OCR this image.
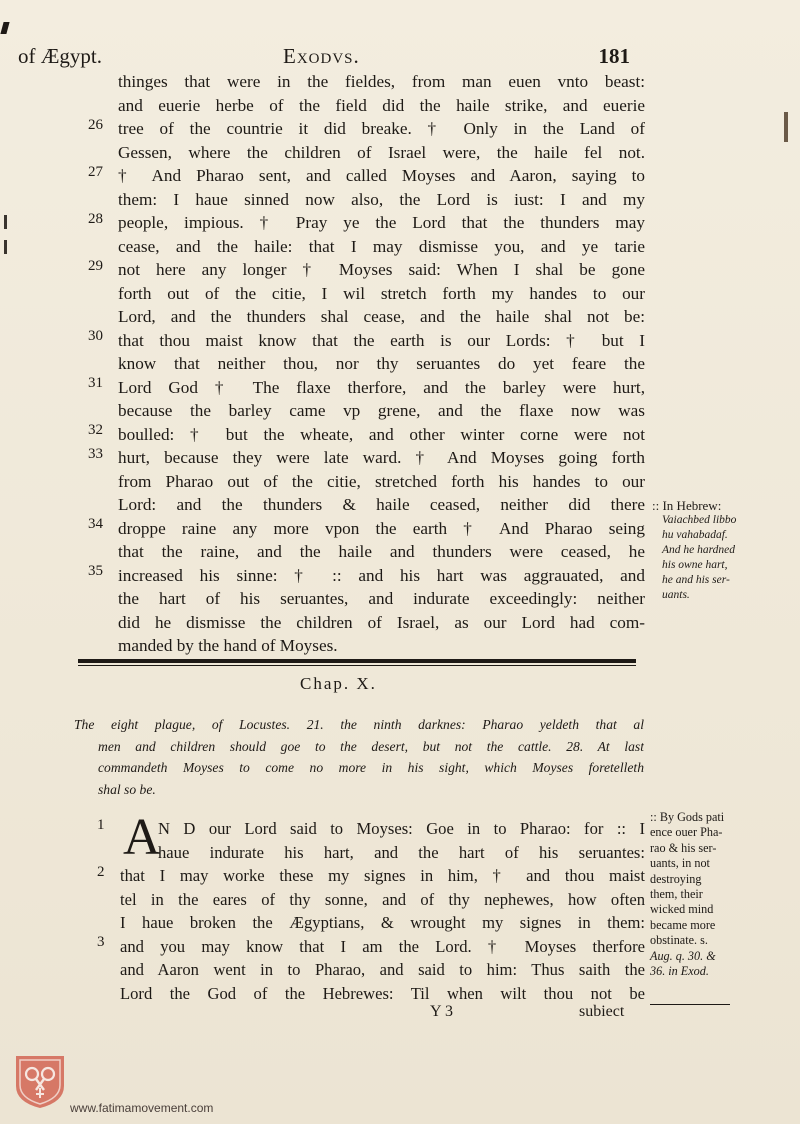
of Ægypt.	Exodvs.	181
thinges that were in the fieldes, from man euen vnto beast:
and euerie herbe of the field did the haile strike, and euerie
tree of the countrie it did breake. † Only in the Land of
Gessen, where the children of Israel were, the haile fel not.
† And Pharao sent, and called Moyses and Aaron, saying to
them: I haue sinned now also, the Lord is iust: I and my
people, impious. † Pray ye the Lord that the thunders may
cease, and the haile: that I may dismisse you, and ye tarie
not here any longer † Moyses said: When I shal be gone
forth out of the citie, I wil stretch forth my handes to our
Lord, and the thunders shal cease, and the haile shal not be:
that thou maist know that the earth is our Lords: † but I
know that neither thou, nor thy seruantes do yet feare the
Lord God † The flaxe therfore, and the barley were hurt,
because the barley came vp grene, and the flaxe now was
boulled: † but the wheate, and other winter corne were not
hurt, because they were late ward. † And Moyses going forth
from Pharao out of the citie, stretched forth his handes to our
Lord: and the thunders & haile ceased, neither did there
droppe raine any more vpon the earth † And Pharao seing
that the raine, and the haile and thunders were ceased, he
increased his sinne: † :: and his hart was aggrauated, and
the hart of his seruantes, and indurate exceedingly: neither
did he dismisse the children of Israel, as our Lord had com-
manded by the hand of Moyses.
26
27
28
29
30
31
32
33
34
35
:: In Hebrew:
Vaiachbed libbo
hu vahabadaf.
And he hardned
his owne hart,
he and his ser-
uants.
Chap. X.
The eight plague, of Locustes. 21. the ninth darknes: Pharao yeldeth that al
men and children should goe to the desert, but not the cattle. 28. At last
commandeth Moyses to come no more in his sight, which Moyses foretelleth
shal so be.
A
N D our Lord said to Moyses: Goe in to Pharao: for :: I
haue indurate his hart, and the hart of his seruantes:
that I may worke these my signes in him, † and thou maist
tel in the eares of thy sonne, and of thy nephewes, how often
I haue broken the Ægyptians, & wrought my signes in them:
and you may know that I am the Lord. † Moyses therfore
and Aaron went in to Pharao, and said to him: Thus saith the
Lord the God of the Hebrewes: Til when wilt thou not be
1
2
3
:: By Gods pati
ence ouer Pha-
rao & his ser-
uants, in not
destroying
them, their
wicked mind
became more
obstinate. s.
Aug. q. 30. &
36. in Exod.
Y 3	subiect
www.fatimamovement.com
